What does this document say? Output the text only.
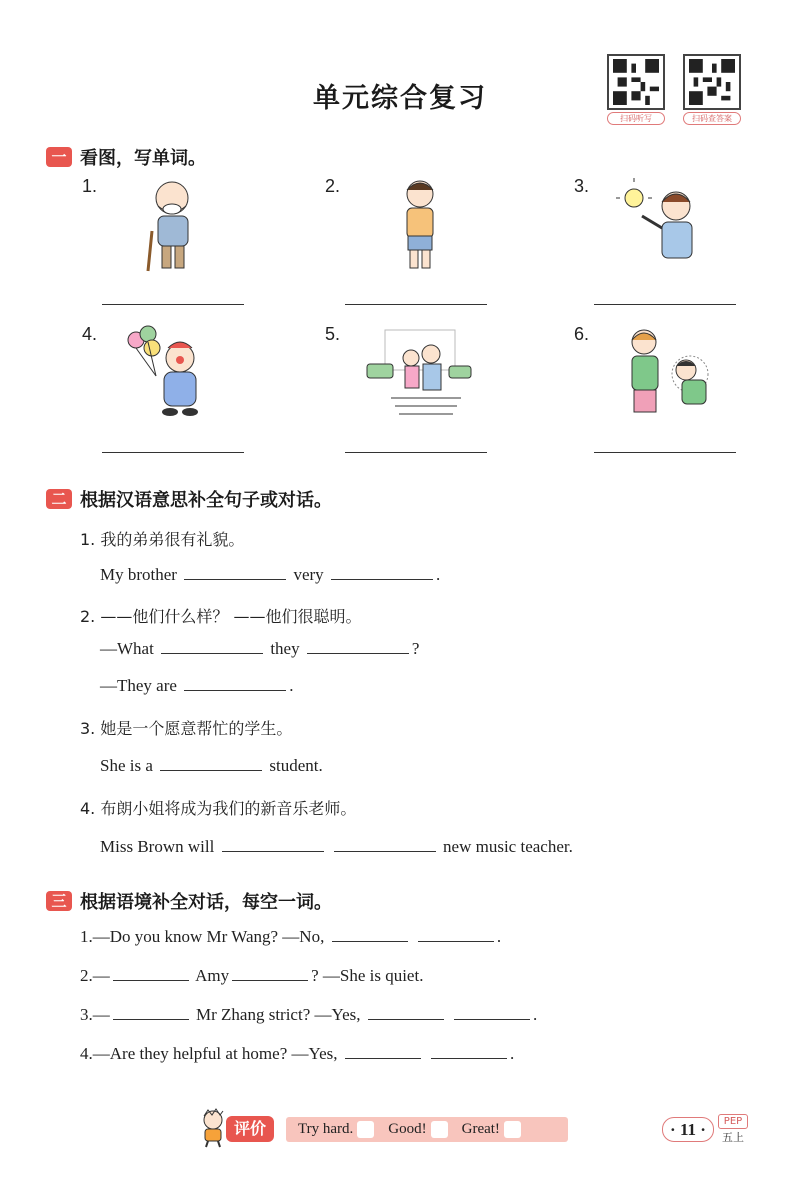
单元综合复习
扫码听写	扫码查答案
一 看图，写单词。
1.	2.	3.
4.	5.	6.
二 根据汉语意思补全句子或对话。
1. 我的弟弟很有礼貌。
My brother	very	.
2. ——他们什么样？ ——他们很聪明。
—What	they	?
—They are	.
3. 她是一个愿意帮忙的学生。
She is a	student.
4. 布朗小姐将成为我们的新音乐老师。
Miss Brown will	new music teacher.
三 根据语境补全对话，每空一词。
1.—Do you know Mr Wang? —No,	.
2.—	Amy	? —She is quiet.
3.—	Mr Zhang strict? —Yes,	.
4.—Are they helpful at home? —Yes,	.
评价	Try hard. Good! Great!	· 11 ·	PEP
五上
